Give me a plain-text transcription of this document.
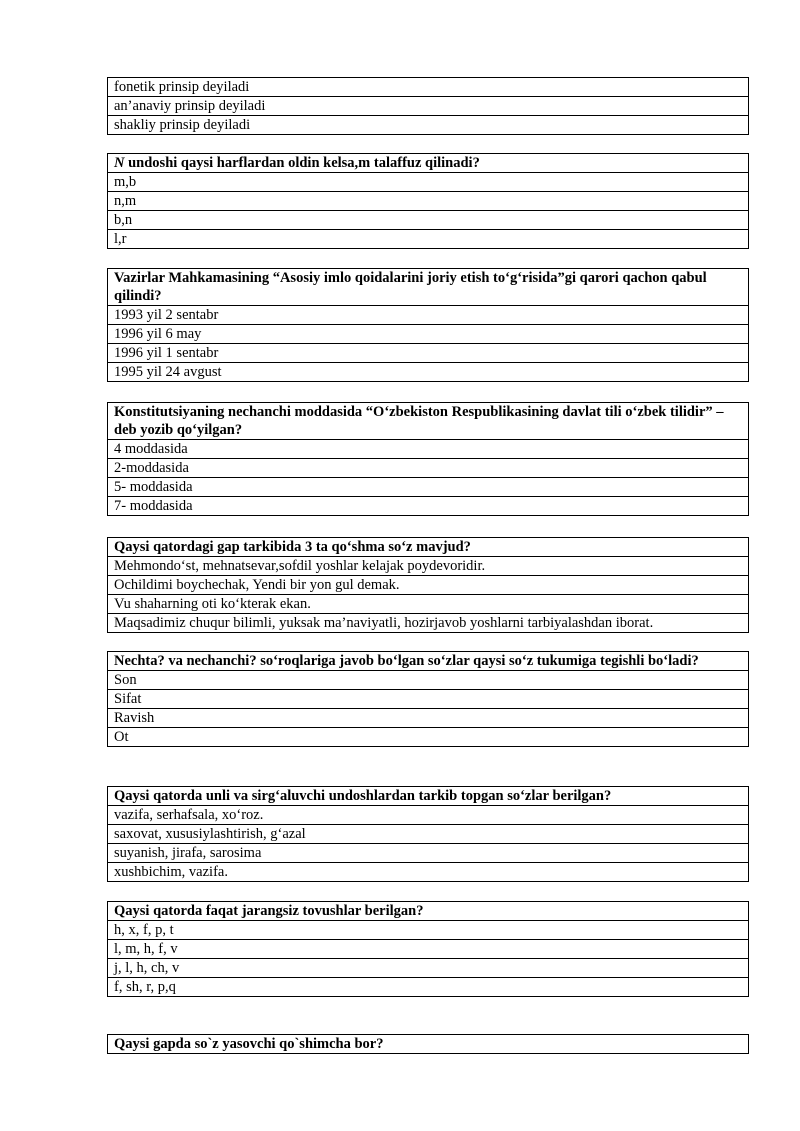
fonetik prinsip deyiladi
an’anaviy prinsip deyiladi
shakliy prinsip deyiladi
N undoshi qaysi harflardan oldin kelsa,m talaffuz qilinadi?
m,b
n,m
b,n
l,r
Vazirlar Mahkamasining “Asosiy imlo qoidalarini joriy etish to‘g‘risida”gi qarori qachon qabul qilindi?
1993 yil 2 sentabr
1996 yil 6 may
1996 yil 1 sentabr
1995 yil 24 avgust
Konstitutsiyaning nechanchi moddasida “O‘zbekiston Respublikasining davlat tili o‘zbek tilidir” –deb yozib qo‘yilgan?
4 moddasida
2-moddasida
5- moddasida
7- moddasida
Qaysi qatordagi gap tarkibida 3 ta qo‘shma so‘z mavjud?
Mehmondo‘st, mehnatsevar,sofdil yoshlar kelajak poydevoridir.
Ochildimi boychechak, Yendi bir yon gul demak.
Vu shaharning oti ko‘kterak ekan.
Maqsadimiz chuqur bilimli, yuksak ma’naviyatli, hozirjavob yoshlarni tarbiyalashdan iborat.
Nechta? va nechanchi? so‘roqlariga javob bo‘lgan so‘zlar qaysi so‘z tukumiga tegishli bo‘ladi?
Son
Sifat
Ravish
Ot
Qaysi qatorda unli va sirg‘aluvchi undoshlardan tarkib topgan so‘zlar berilgan?
vazifa, serhafsala, xo‘roz.
saxovat, xususiylashtirish, g‘azal
suyanish, jirafa, sarosima
xushbichim, vazifa.
Qaysi qatorda faqat jarangsiz tovushlar berilgan?
h, x, f, p, t
l, m, h, f, v
j, l, h, ch, v
f, sh, r, p,q
Qaysi gapda so`z yasovchi qo`shimcha bor?
